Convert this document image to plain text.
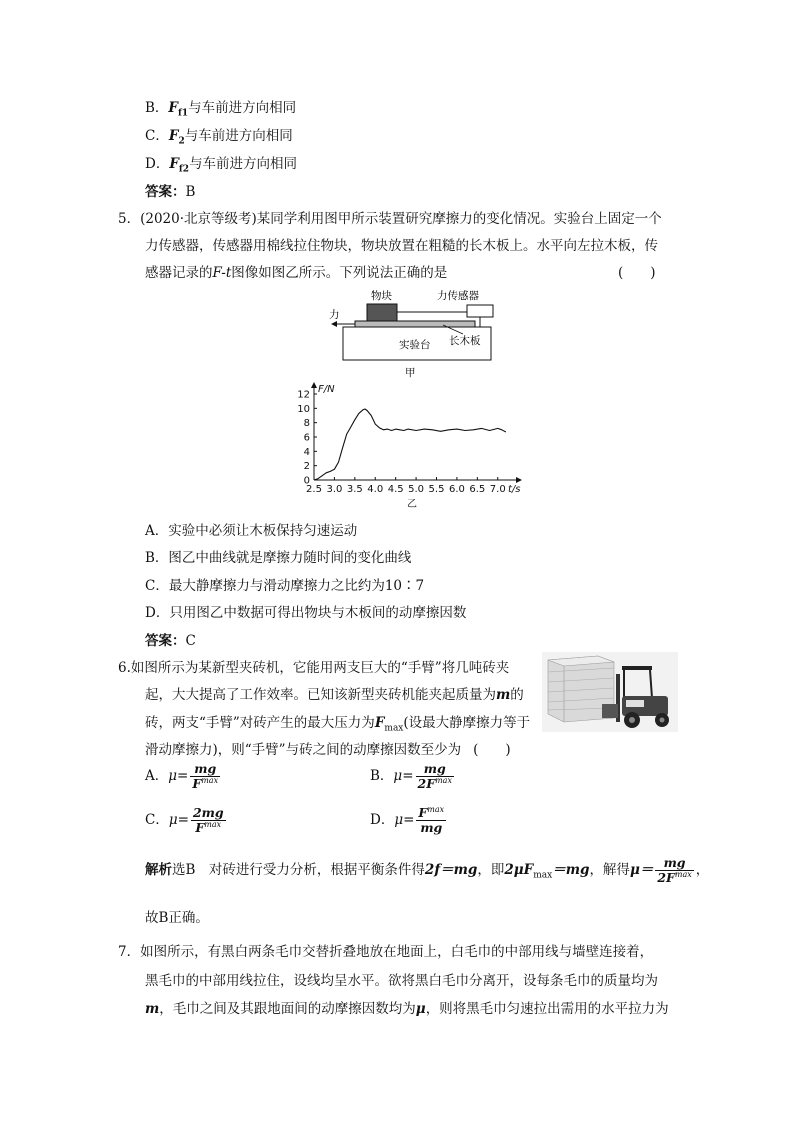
B．$F_{f1}$与车前进方向相同
C．$F_2$与车前进方向相同
D．$F_{f2}$与车前进方向相同
答案：B
5．(2020·北京等级考)某同学利用图甲所示装置研究摩擦力的变化情况。实验台上固定一个
力传感器，传感器用棉线拉住物块，物块放置在粗糙的长木板上。水平向左拉木板，传
感器记录的F-t图像如图乙所示。下列说法正确的是	(　　)
物块	力传感器
力
长木板
实验台
甲
0
2
4
6
8
10
12
2.5 3.0 3.5 4.0 4.5 5.0 5.5 6.0 6.5 7.0
F/N
t/s
乙
A．实验中必须让木板保持匀速运动
B．图乙中曲线就是摩擦力随时间的变化曲线
C．最大静摩擦力与滑动摩擦力之比约为10∶7
D．只用图乙中数据可得出物块与木板间的动摩擦因数
答案：C
6.如图所示为某新型夹砖机，它能用两支巨大的“手臂”将几吨砖夹
起，大大提高了工作效率。已知该新型夹砖机能夹起质量为m的
砖，两支“手臂”对砖产生的最大压力为$F_{max}$(设最大静摩擦力等于
滑动摩擦力)，则“手臂”与砖之间的动摩擦因数至少为 (　　)
A．$\mu= \frac{mg}{F^{max}}$	B．$\mu= \frac{mg}{2F^{max}}$
C．$\mu= \frac{2mg}{F^{max}}$	D．$\mu= \frac{F^{max}}{mg}$
解析选B　对砖进行受力分析，根据平衡条件得2f＝mg，即$2\mu F_{max}=mg$，解得$\mu= \frac{mg}{2F^{max}}$ ，
故B正确。
7．如图所示，有黑白两条毛巾交替折叠地放在地面上，白毛巾的中部用线与墙壁连接着，
黑毛巾的中部用线拉住，设线均呈水平。欲将黑白毛巾分离开，设每条毛巾的质量均为
m，毛巾之间及其跟地面间的动摩擦因数均为μ，则将黑毛巾匀速拉出需用的水平拉力为
